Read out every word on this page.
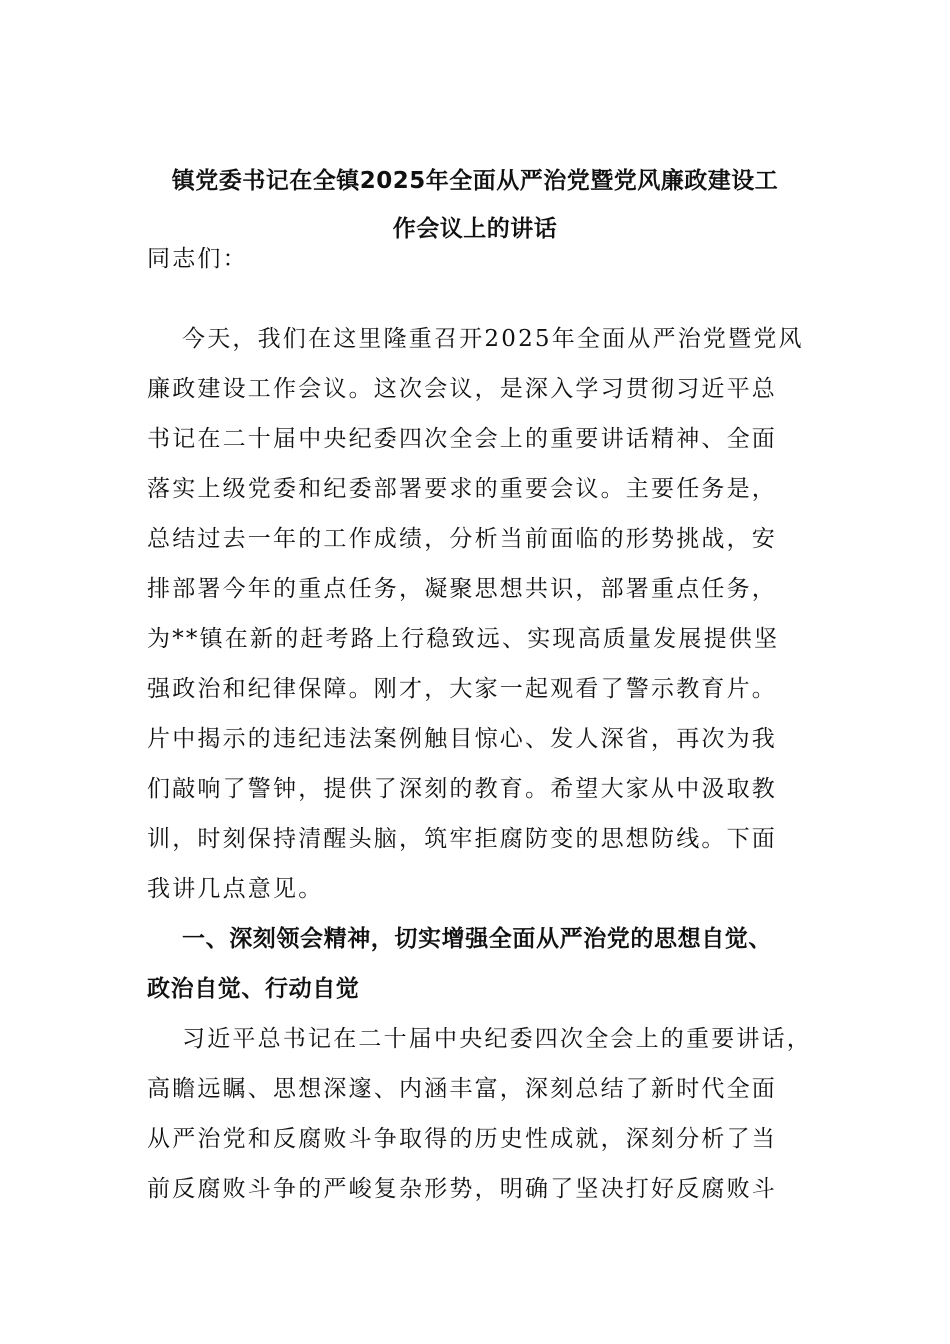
镇党委书记在全镇2025年全面从严治党暨党风廉政建设工
作会议上的讲话
同志们：
今天，我们在这里隆重召开2025年全面从严治党暨党风
廉政建设工作会议。这次会议，是深入学习贯彻习近平总
书记在二十届中央纪委四次全会上的重要讲话精神、全面
落实上级党委和纪委部署要求的重要会议。主要任务是，
总结过去一年的工作成绩，分析当前面临的形势挑战，安
排部署今年的重点任务，凝聚思想共识，部署重点任务，
为**镇在新的赶考路上行稳致远、实现高质量发展提供坚
强政治和纪律保障。刚才，大家一起观看了警示教育片。
片中揭示的违纪违法案例触目惊心、发人深省，再次为我
们敲响了警钟，提供了深刻的教育。希望大家从中汲取教
训，时刻保持清醒头脑，筑牢拒腐防变的思想防线。下面
我讲几点意见。
一、深刻领会精神，切实增强全面从严治党的思想自觉、
政治自觉、行动自觉
习近平总书记在二十届中央纪委四次全会上的重要讲话，
高瞻远瞩、思想深邃、内涵丰富，深刻总结了新时代全面
从严治党和反腐败斗争取得的历史性成就，深刻分析了当
前反腐败斗争的严峻复杂形势，明确了坚决打好反腐败斗
